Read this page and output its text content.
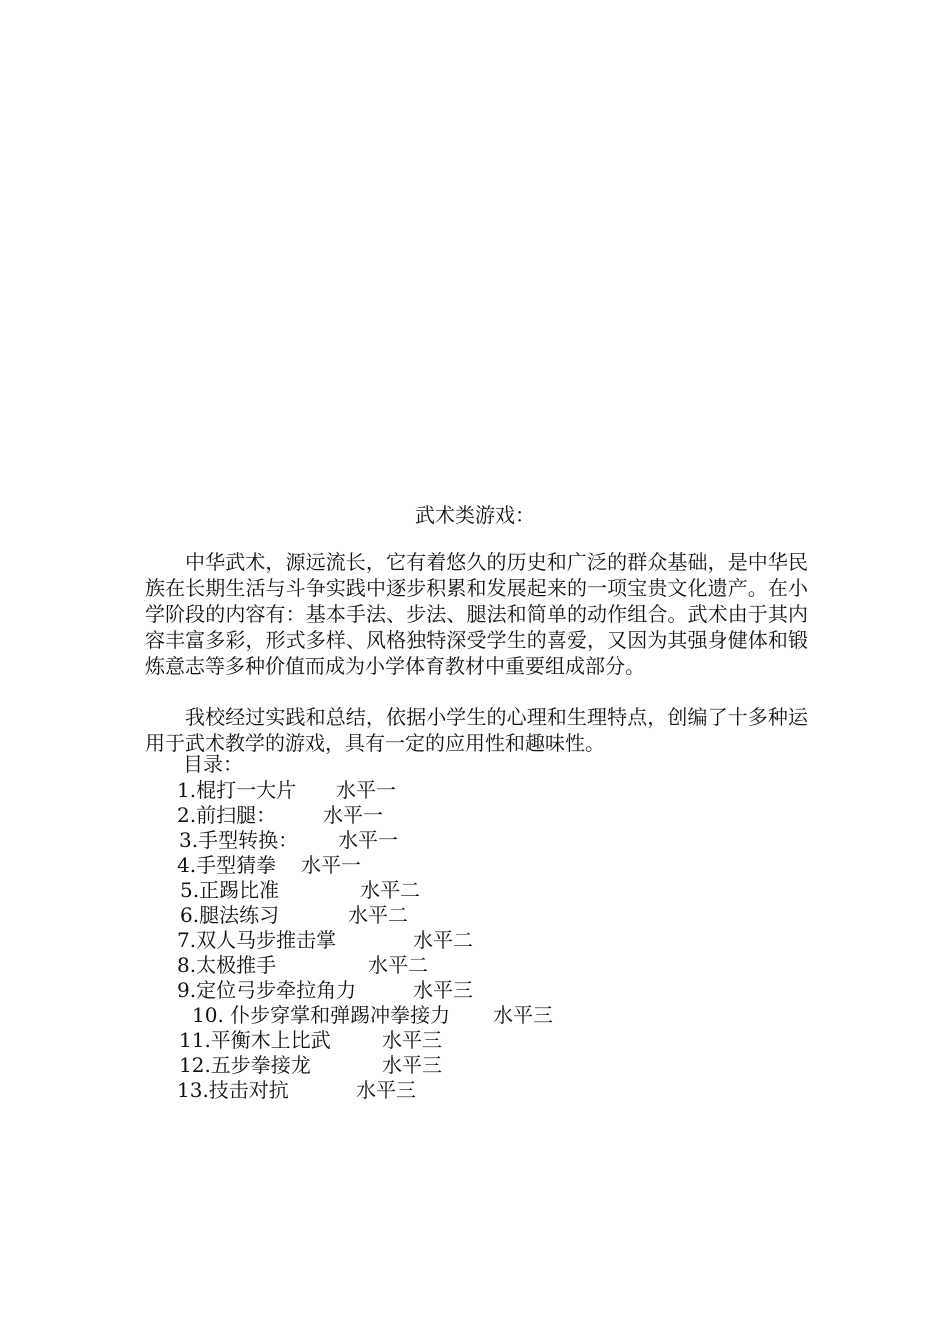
武术类游戏：

中华武术，源远流长，它有着悠久的历史和广泛的群众基础，是中华民族在长期生活与斗争实践中逐步积累和发展起来的一项宝贵文化遗产。在小学阶段的内容有：基本手法、步法、腿法和简单的动作组合。武术由于其内容丰富多彩，形式多样、风格独特深受学生的喜爱，又因为其强身健体和锻炼意志等多种价值而成为小学体育教材中重要组成部分。

我校经过实践和总结，依据小学生的心理和生理特点，创编了十多种运用于武术教学的游戏，具有一定的应用性和趣味性。

目录：
1.棍打一大片 水平一
2.前扫腿： 水平一
3.手型转换： 水平一
4.手型猜拳 水平一
5.正踢比准	水平二
6.腿法练习	水平二
7.双人马步推击掌	水平二
8.太极推手	水平二
9.定位弓步牵拉角力	水平三
10. 仆步穿掌和弹踢冲拳接力 水平三
11.平衡木上比武	水平三
12.五步拳接龙	水平三
13.技击对抗	水平三
